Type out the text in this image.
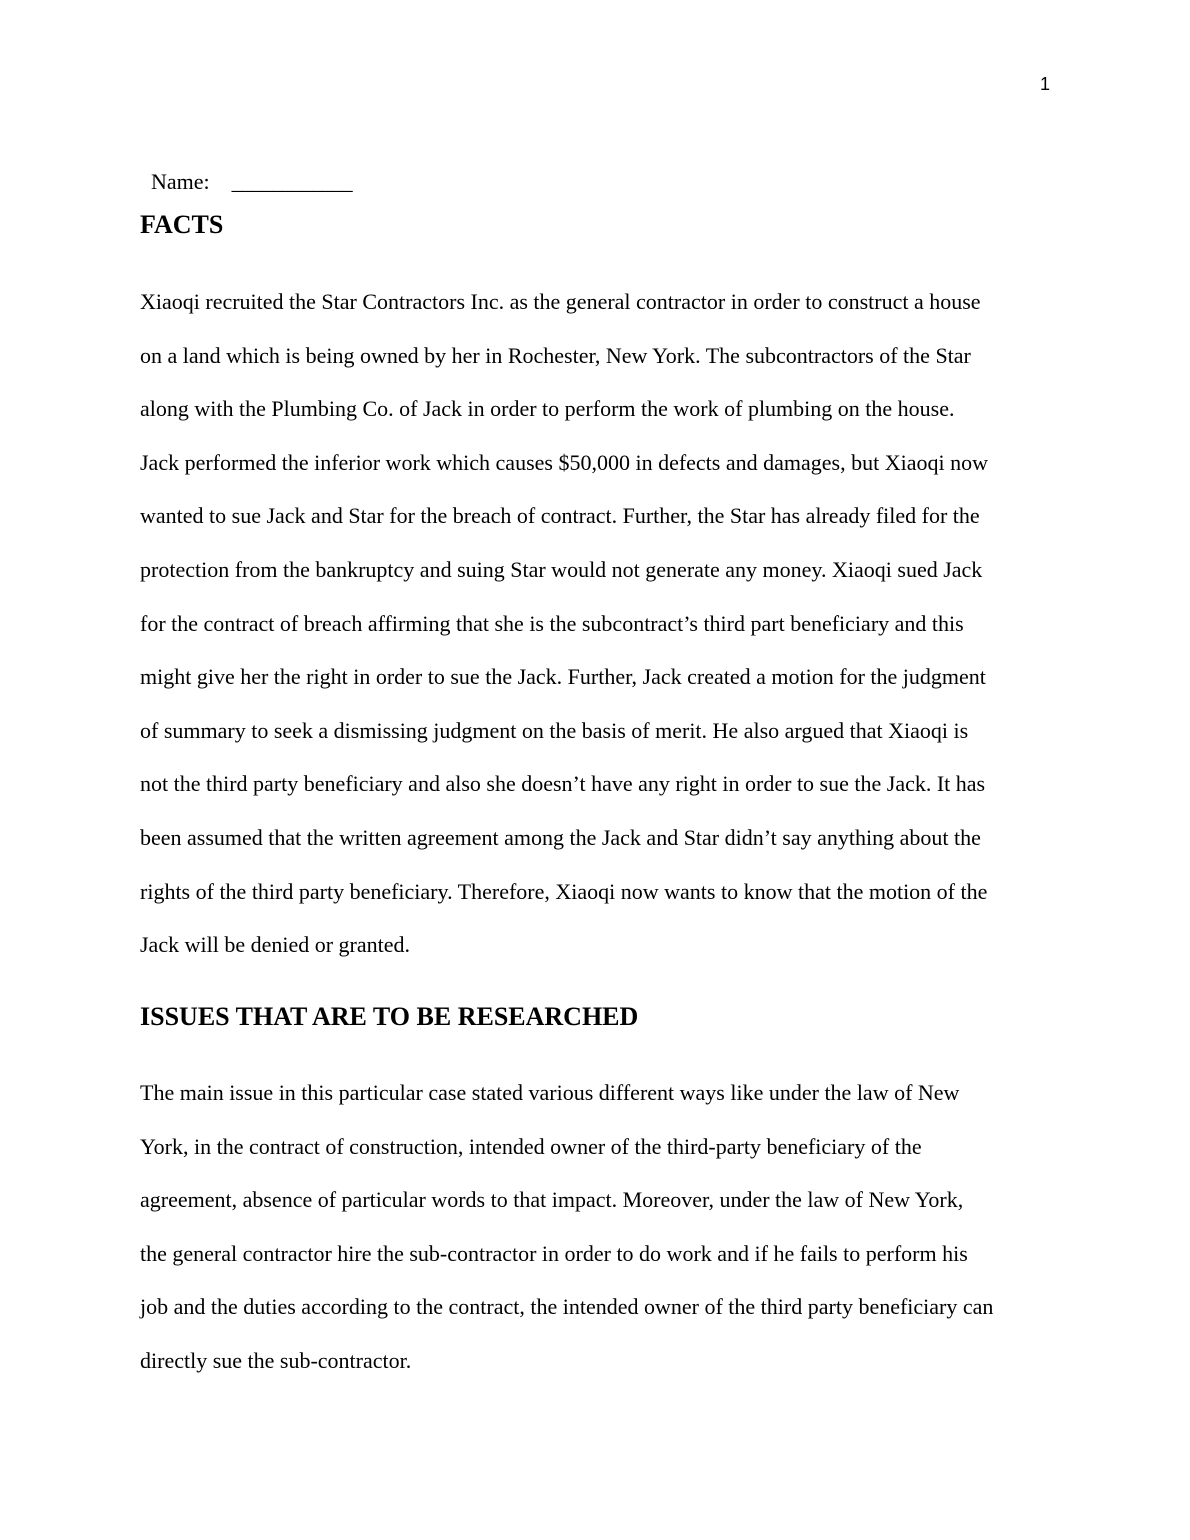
1

Name: ____________

FACTS
Xiaoqi recruited the Star Contractors Inc. as the general contractor in order to construct a house
on a land which is being owned by her in Rochester, New York. The subcontractors of the Star
along with the Plumbing Co. of Jack in order to perform the work of plumbing on the house.
Jack performed the inferior work which causes $50,000 in defects and damages, but Xiaoqi now
wanted to sue Jack and Star for the breach of contract. Further, the Star has already filed for the
protection from the bankruptcy and suing Star would not generate any money. Xiaoqi sued Jack
for the contract of breach affirming that she is the subcontract’s third part beneficiary and this
might give her the right in order to sue the Jack. Further, Jack created a motion for the judgment
of summary to seek a dismissing judgment on the basis of merit. He also argued that Xiaoqi is
not the third party beneficiary and also she doesn’t have any right in order to sue the Jack. It has
been assumed that the written agreement among the Jack and Star didn’t say anything about the
rights of the third party beneficiary. Therefore, Xiaoqi now wants to know that the motion of the
Jack will be denied or granted.
ISSUES THAT ARE TO BE RESEARCHED
The main issue in this particular case stated various different ways like under the law of New
York, in the contract of construction, intended owner of the third-party beneficiary of the
agreement, absence of particular words to that impact. Moreover, under the law of New York,
the general contractor hire the sub-contractor in order to do work and if he fails to perform his
job and the duties according to the contract, the intended owner of the third party beneficiary can
directly sue the sub-contractor.
